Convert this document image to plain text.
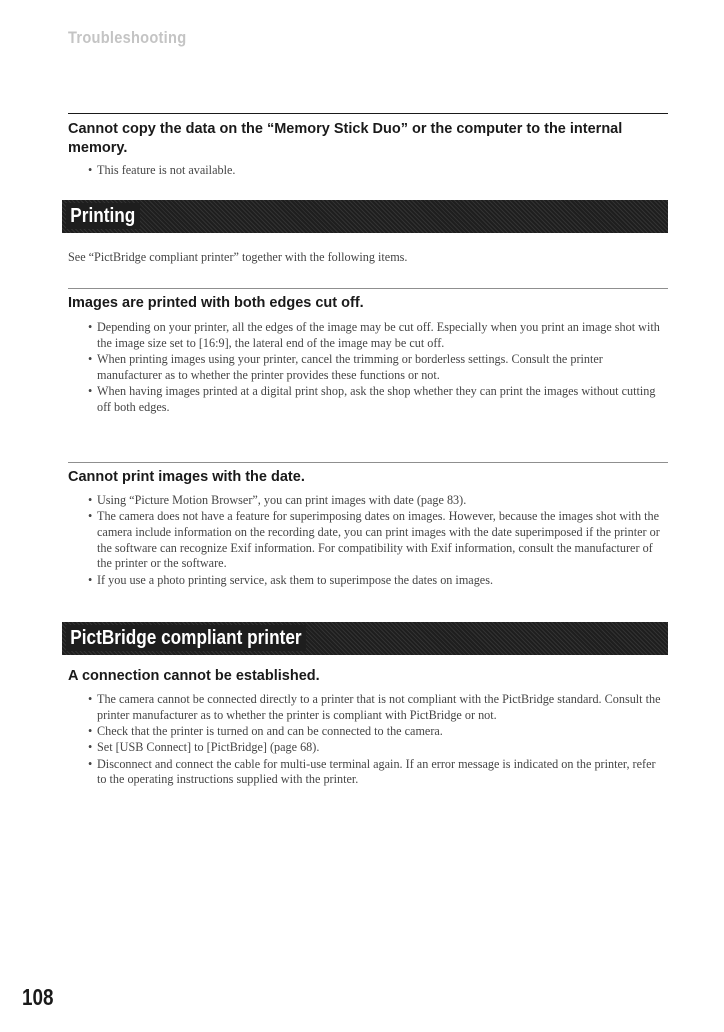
Troubleshooting
Cannot copy the data on the “Memory Stick Duo” or the computer to the internal memory.
• This feature is not available.
Printing

See “PictBridge compliant printer” together with the following items.

Images are printed with both edges cut off.
• Depending on your printer, all the edges of the image may be cut off. Especially when you print an image shot with the image size set to [16:9], the lateral end of the image may be cut off.
• When printing images using your printer, cancel the trimming or borderless settings. Consult the printer manufacturer as to whether the printer provides these functions or not.
• When having images printed at a digital print shop, ask the shop whether they can print the images without cutting off both edges.
Cannot print images with the date.
• Using “Picture Motion Browser”, you can print images with date (page 83).
• The camera does not have a feature for superimposing dates on images. However, because the images shot with the camera include information on the recording date, you can print images with the date superimposed if the printer or the software can recognize Exif information. For compatibility with Exif information, consult the manufacturer of the printer or the software.
• If you use a photo printing service, ask them to superimpose the dates on images.
PictBridge compliant printer
A connection cannot be established.
• The camera cannot be connected directly to a printer that is not compliant with the PictBridge standard. Consult the printer manufacturer as to whether the printer is compliant with PictBridge or not.
• Check that the printer is turned on and can be connected to the camera.
• Set [USB Connect] to [PictBridge] (page 68).
• Disconnect and connect the cable for multi-use terminal again. If an error message is indicated on the printer, refer to the operating instructions supplied with the printer.
108
